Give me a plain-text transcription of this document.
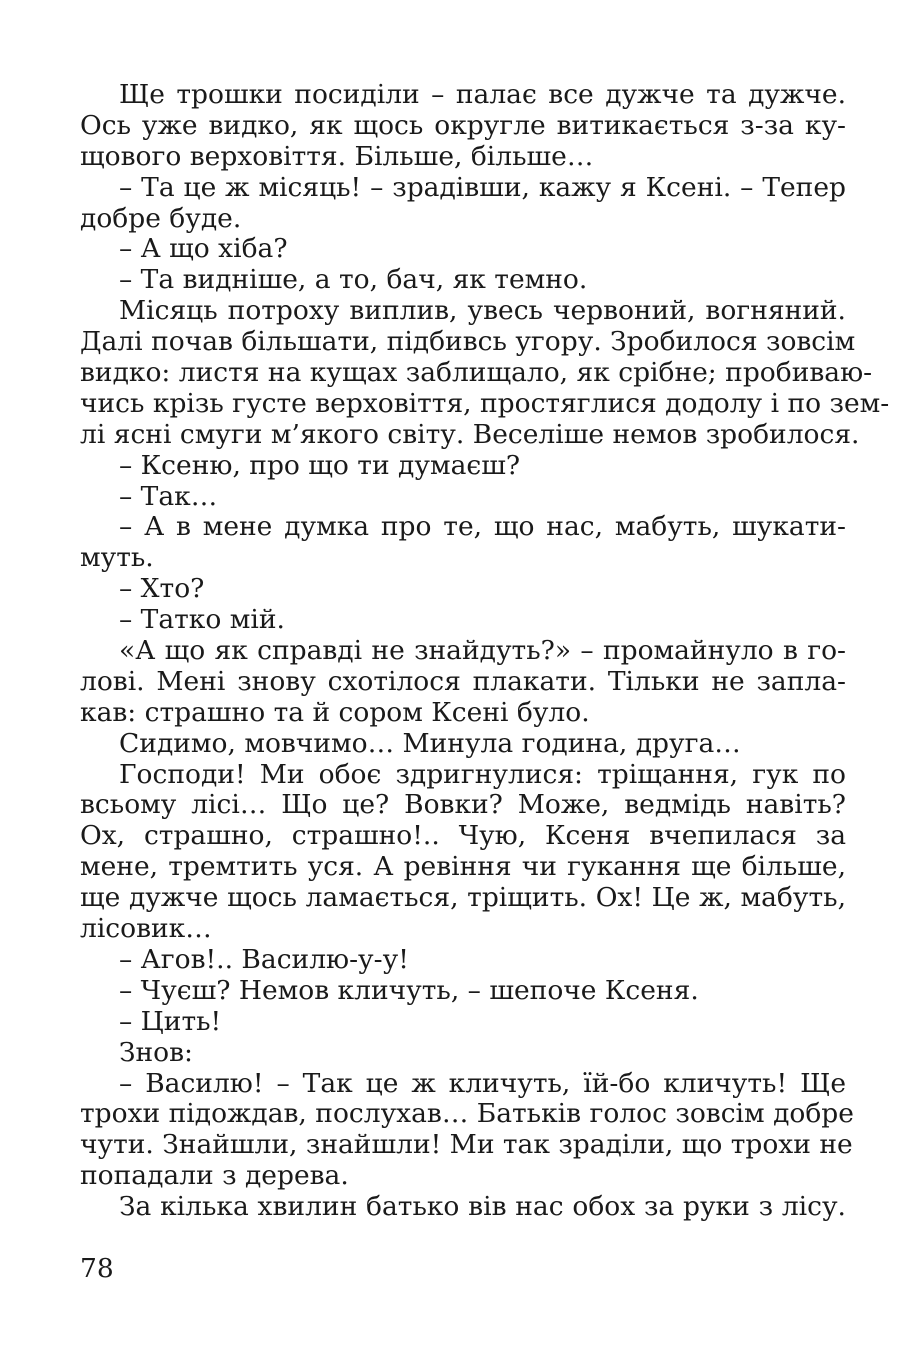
Ще трошки посиділи – палає все дужче та дужче.
Ось уже видко, як щось округле витикається з-за ку-
щового верховіття. Більше, більше…
– Та це ж місяць! – зрадівши, кажу я Ксені. – Тепер
добре буде.
– А що хіба?
– Та видніше, а то, бач, як темно.
Місяць потроху виплив, увесь червоний, вогняний.
Далі почав більшати, підбивсь угору. Зробилося зовсім
видко: листя на кущах заблищало, як срібне; пробиваю-
чись крізь густе верховіття, простяглися додолу і по зем-
лі ясні смуги м’якого світу. Веселіше немов зробилося.
– Ксеню, про що ти думаєш?
– Так…
– А в мене думка про те, що нас, мабуть, шукати-
муть.
– Хто?
– Татко мій.
«А що як справді не знайдуть?» – промайнуло в го-
лові. Мені знову схотілося плакати. Тільки не запла-
кав: страшно та й сором Ксені було.
Сидимо, мовчимо… Минула година, друга…
Господи! Ми обоє здригнулися: тріщання, гук по
всьому лісі… Що це? Вовки? Може, ведмідь навіть?
Ох, страшно, страшно!.. Чую, Ксеня вчепилася за
мене, тремтить уся. А ревіння чи гукання ще більше,
ще дужче щось ламається, тріщить. Ох! Це ж, мабуть,
лісовик…
– Агов!.. Василю-у-у!
– Чуєш? Немов кличуть, – шепоче Ксеня.
– Цить!
Знов:
– Василю! – Так це ж кличуть, їй-бо кличуть! Ще
трохи підождав, послухав… Батьків голос зовсім добре
чути. Знайшли, знайшли! Ми так зраділи, що трохи не
попадали з дерева.
За кілька хвилин батько вів нас обох за руки з лісу.
78
